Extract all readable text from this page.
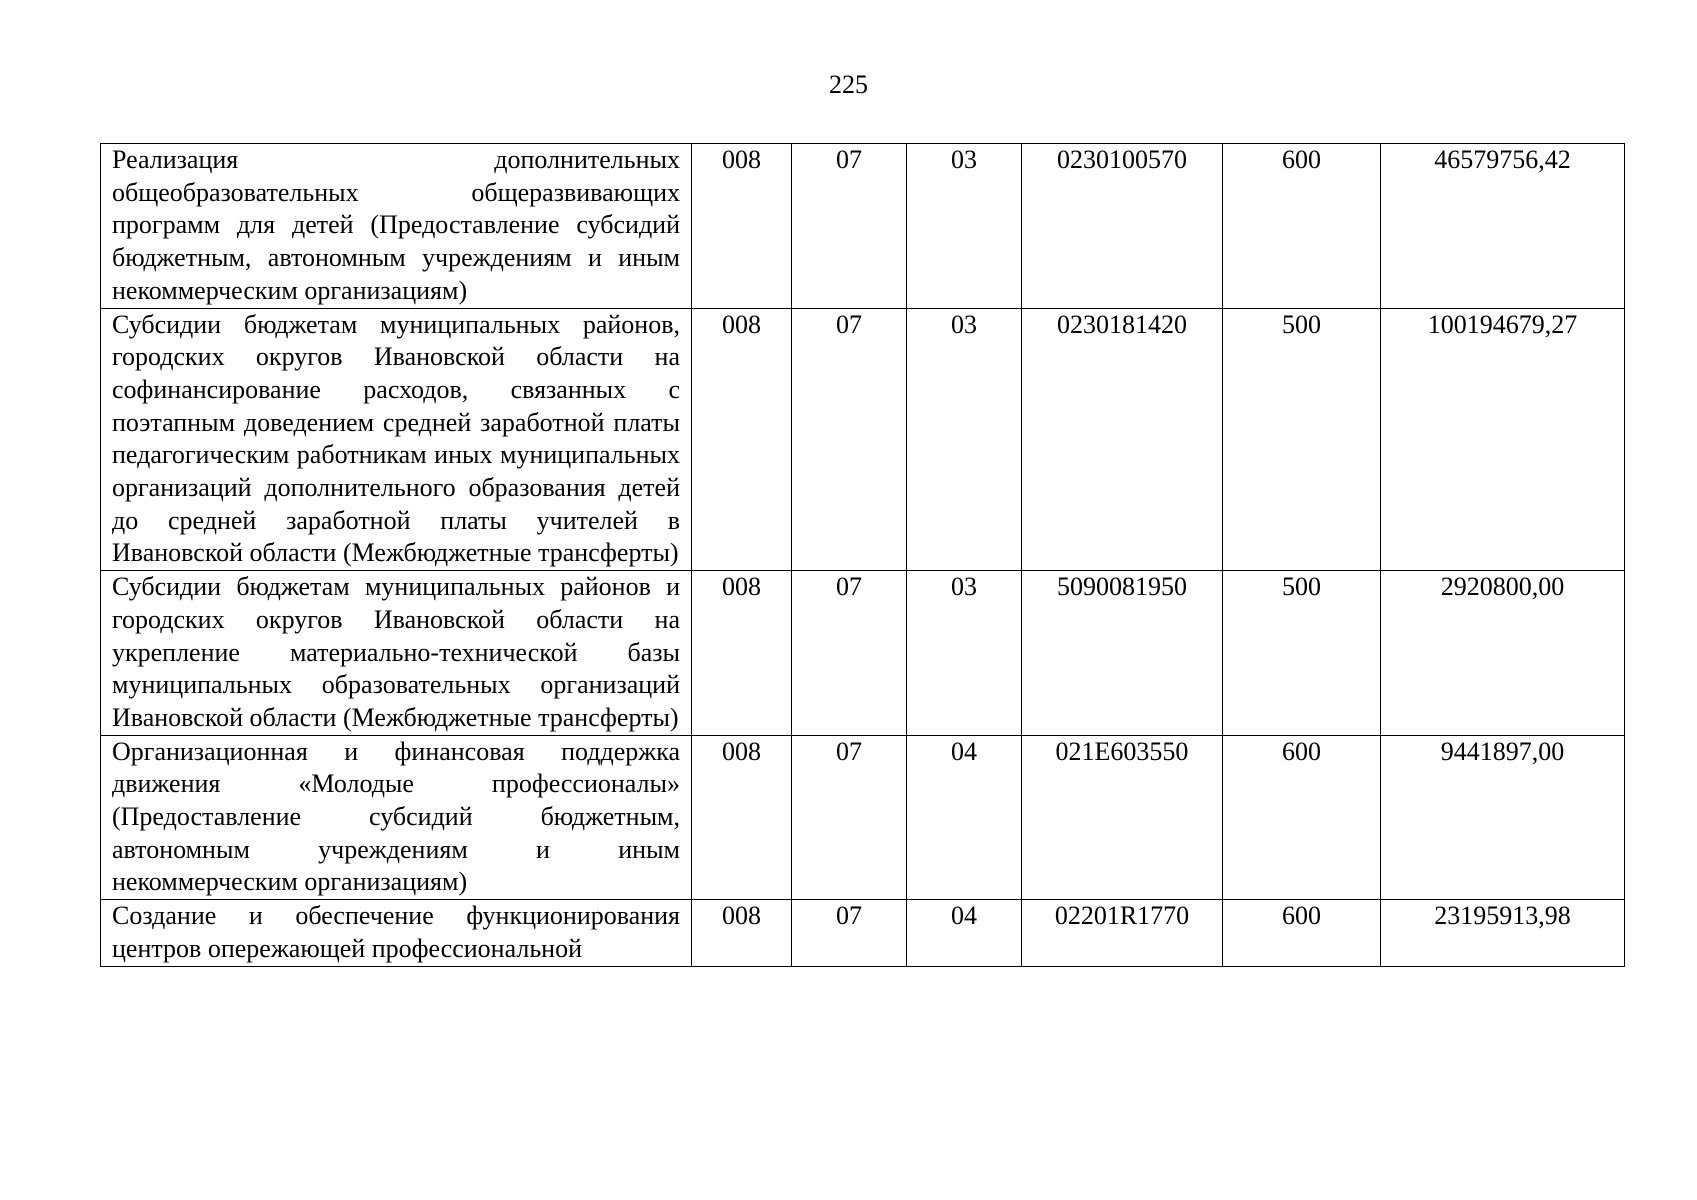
225
Реализация дополнительных общеобразовательных общеразвивающих программ для детей (Предоставление субсидий бюджетным, автономным учреждениям и иным некоммерческим организациям)	008	07	03	0230100570	600	46579756,42
Субсидии бюджетам муниципальных районов, городских округов Ивановской области на софинансирование расходов, связанных с поэтапным доведением средней заработной платы педагогическим работникам иных муниципальных организаций дополнительного образования детей до средней заработной платы учителей в Ивановской области (Межбюджетные трансферты)	008	07	03	0230181420	500	100194679,27
Субсидии бюджетам муниципальных районов и городских округов Ивановской области на укрепление материально-технической базы муниципальных образовательных организаций Ивановской области (Межбюджетные трансферты)	008	07	03	5090081950	500	2920800,00
Организационная и финансовая поддержка движения «Молодые профессионалы» (Предоставление субсидий бюджетным, автономным учреждениям и иным некоммерческим организациям)	008	07	04	021E603550	600	9441897,00
Создание и обеспечение функционирования центров опережающей профессиональной	008	07	04	02201R1770	600	23195913,98
